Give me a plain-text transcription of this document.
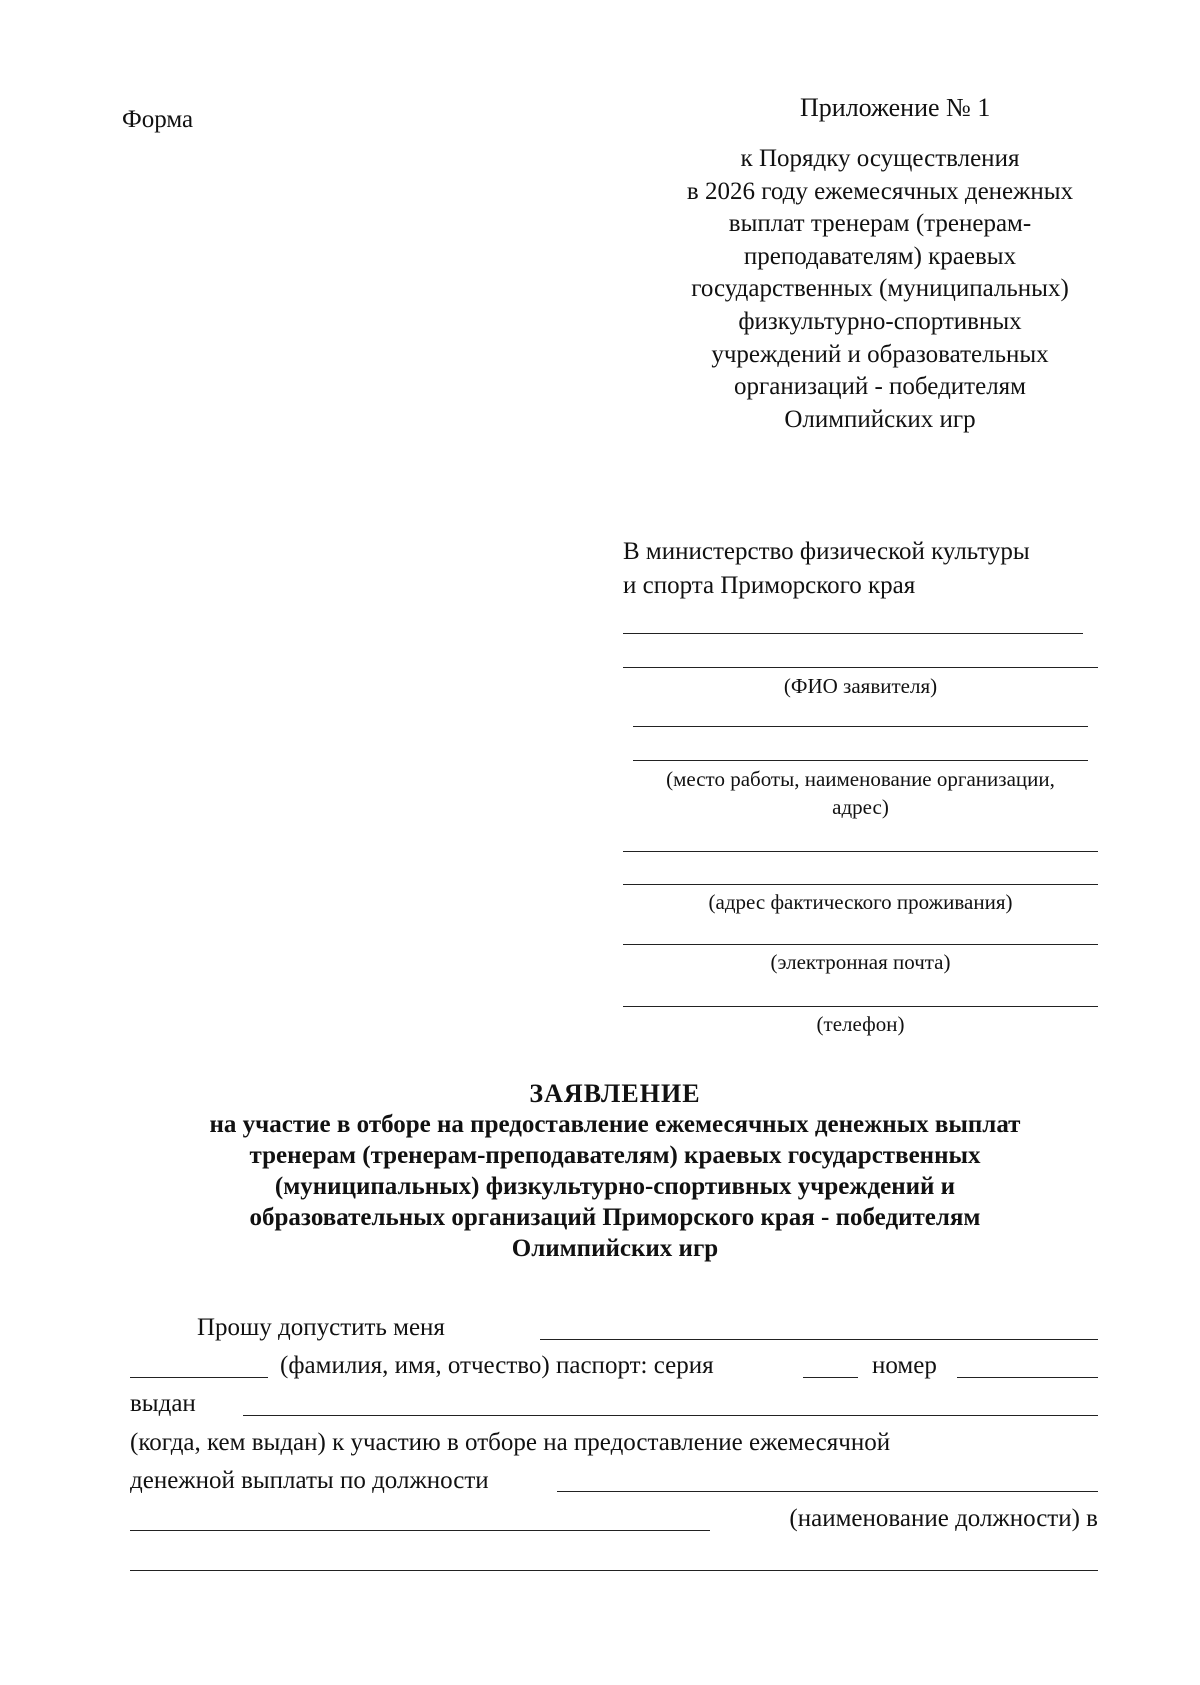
Форма	Приложение № 1
к Порядку осуществления
в 2026 году ежемесячных денежных
выплат тренерам (тренерам-
преподавателям) краевых
государственных (муниципальных)
физкультурно-спортивных
учреждений и образовательных
организаций - победителям
Олимпийских игр
В министерство физической культуры
и спорта Приморского края
(ФИО заявителя)
(место работы, наименование организации,
адрес)
(адрес фактического проживания)
(электронная почта)
(телефон)
ЗАЯВЛЕНИЕ
на участие в отборе на предоставление ежемесячных денежных выплат
тренерам (тренерам-преподавателям) краевых государственных
(муниципальных) физкультурно-спортивных учреждений и
образовательных организаций Приморского края - победителям
Олимпийских игр
Прошу допустить меня
(фамилия, имя, отчество) паспорт: серия	номер
выдан
(когда, кем выдан) к участию в отборе на предоставление ежемесячной
денежной выплаты по должности
(наименование должности) в
